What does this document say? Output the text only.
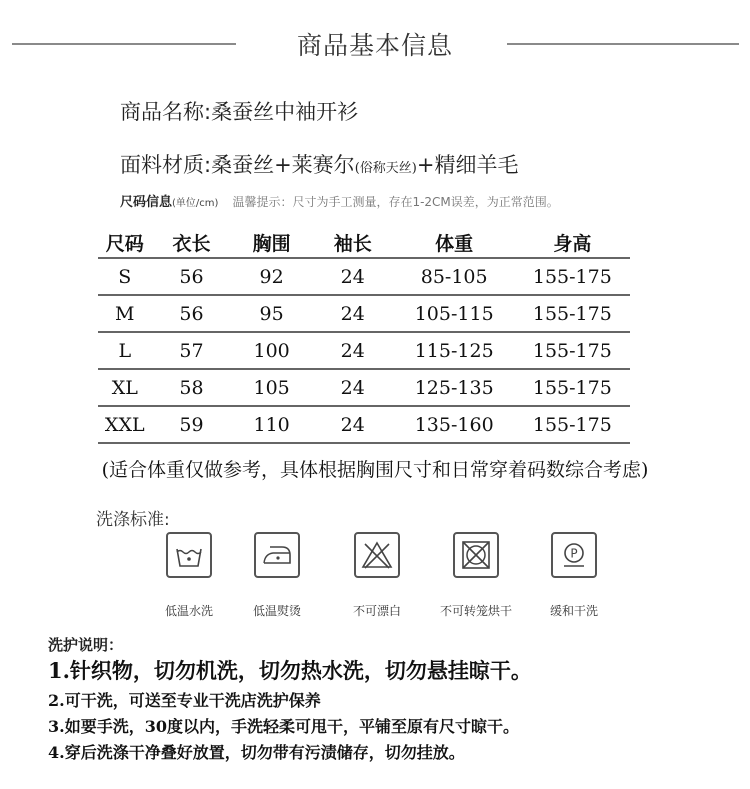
商品基本信息
商品名称:桑蚕丝中袖开衫
面料材质:桑蚕丝+莱赛尔(俗称天丝)+精细羊毛
尺码信息(单位/cm) 温馨提示：尺寸为手工测量，存在1-2CM误差，为正常范围。
尺码	衣长	胸围	袖长	体重	身高
S	56	92	24	85-105	155-175
M	56	95	24	105-115	155-175
L	57	100	24	115-125	155-175
XL	58	105	24	125-135	155-175
XXL	59	110	24	135-160	155-175
(适合体重仅做参考，具体根据胸围尺寸和日常穿着码数综合考虑)
洗涤标准:
P
低温水洗	低温熨烫	不可漂白	不可转笼烘干	缓和干洗
洗护说明：
1.针织物，切勿机洗，切勿热水洗，切勿悬挂晾干。
2.可干洗，可送至专业干洗店洗护保养
3.如要手洗，30度以内，手洗轻柔可甩干，平铺至原有尺寸晾干。
4.穿后洗涤干净叠好放置，切勿带有污渍储存，切勿挂放。
